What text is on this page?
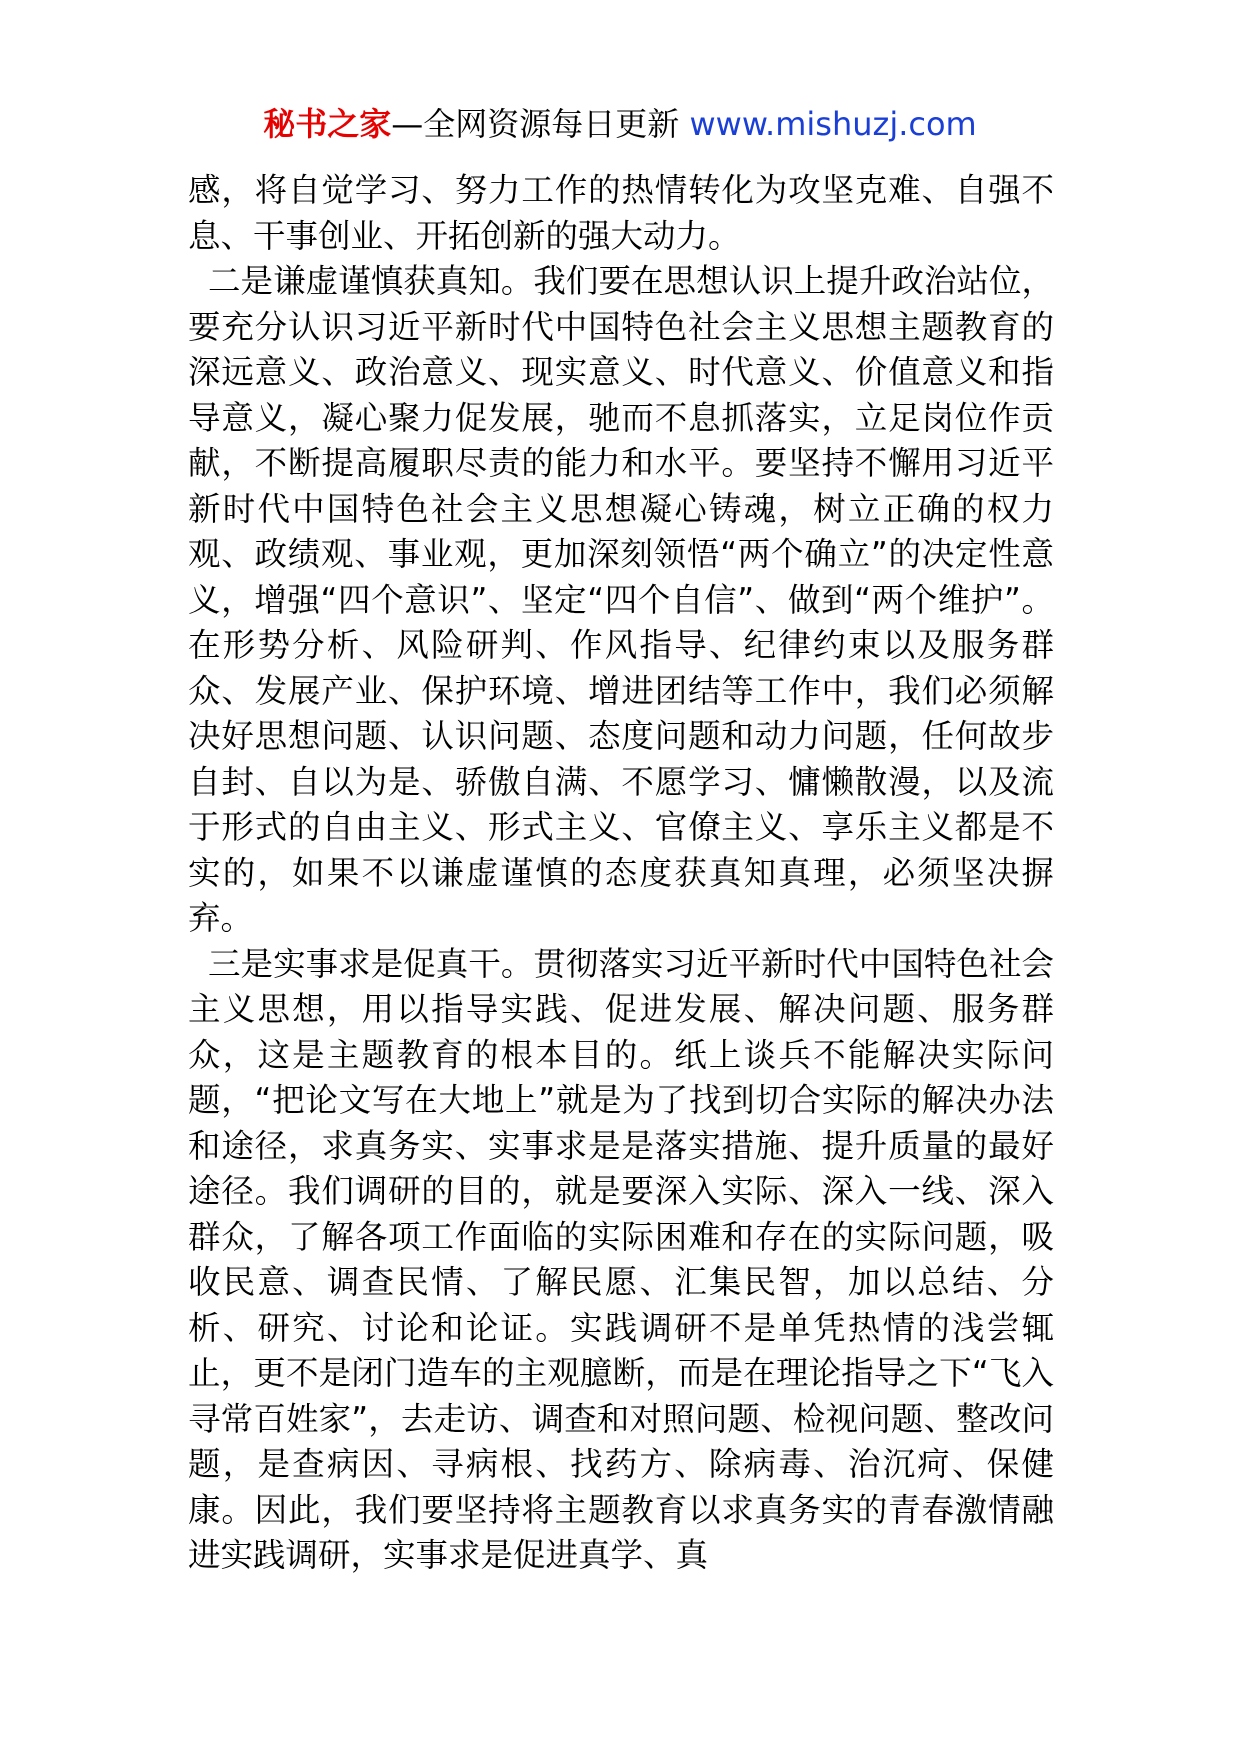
秘书之家—全网资源每日更新 www.mishuzj.com

感，将自觉学习、努力工作的热情转化为攻坚克难、自强不息、干事创业、开拓创新的强大动力。

二是谦虚谨慎获真知。我们要在思想认识上提升政治站位，要充分认识习近平新时代中国特色社会主义思想主题教育的深远意义、政治意义、现实意义、时代意义、价值意义和指导意义，凝心聚力促发展，驰而不息抓落实，立足岗位作贡献，不断提高履职尽责的能力和水平。要坚持不懈用习近平新时代中国特色社会主义思想凝心铸魂，树立正确的权力观、政绩观、事业观，更加深刻领悟“两个确立”的决定性意义，增强“四个意识”、坚定“四个自信”、做到“两个维护”。在形势分析、风险研判、作风指导、纪律约束以及服务群众、发展产业、保护环境、增进团结等工作中，我们必须解决好思想问题、认识问题、态度问题和动力问题，任何故步自封、自以为是、骄傲自满、不愿学习、慵懒散漫，以及流于形式的自由主义、形式主义、官僚主义、享乐主义都是不实的，如果不以谦虚谨慎的态度获真知真理，必须坚决摒弃。

三是实事求是促真干。贯彻落实习近平新时代中国特色社会主义思想，用以指导实践、促进发展、解决问题、服务群众，这是主题教育的根本目的。纸上谈兵不能解决实际问题，“把论文写在大地上”就是为了找到切合实际的解决办法和途径，求真务实、实事求是是落实措施、提升质量的最好途径。我们调研的目的，就是要深入实际、深入一线、深入群众，了解各项工作面临的实际困难和存在的实际问题，吸收民意、调查民情、了解民愿、汇集民智，加以总结、分析、研究、讨论和论证。实践调研不是单凭热情的浅尝辄止，更不是闭门造车的主观臆断，而是在理论指导之下“飞入寻常百姓家”，去走访、调查和对照问题、检视问题、整改问题，是查病因、寻病根、找药方、除病毒、治沉疴、保健康。因此，我们要坚持将主题教育以求真务实的青春激情融进实践调研，实事求是促进真学、真
